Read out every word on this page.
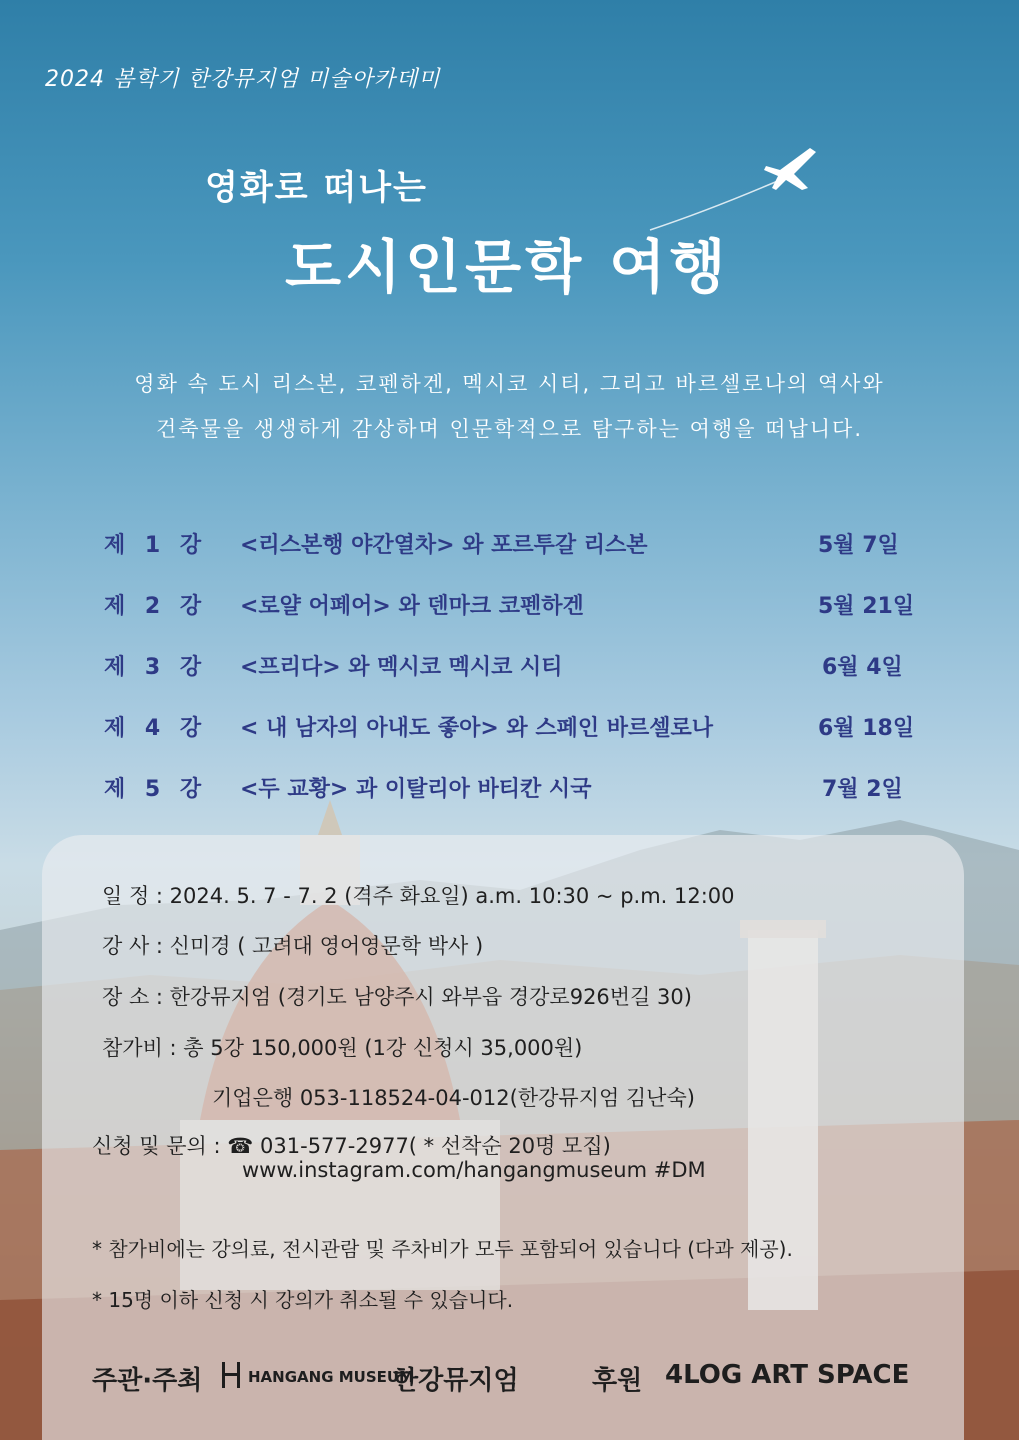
2024 봄학기 한강뮤지엄 미술아카데미
영화로 떠나는
도시인문학 여행
영화 속 도시 리스본, 코펜하겐, 멕시코 시티, 그리고 바르셀로나의 역사와
건축물을 생생하게 감상하며 인문학적으로 탐구하는 여행을 떠납니다.
제 1 강 <리스본행 야간열차> 와 포르투갈 리스본	5월 7일
제 2 강 <로얄 어페어> 와 덴마크 코펜하겐	5월 21일
제 3 강 <프리다> 와 멕시코 멕시코 시티	6월 4일
제 4 강 < 내 남자의 아내도 좋아> 와 스페인 바르셀로나	6월 18일
제 5 강 <두 교황> 과 이탈리아 바티칸 시국	7월 2일
일 정 : 2024. 5. 7 - 7. 2 (격주 화요일) a.m. 10:30 ~ p.m. 12:00
강 사 : 신미경 ( 고려대 영어영문학 박사 )
장 소 : 한강뮤지엄 (경기도 남양주시 와부읍 경강로926번길 30)
참가비 : 총 5강 150,000원 (1강 신청시 35,000원)
기업은행 053-118524-04-012(한강뮤지엄 김난숙)
신청 및 문의 : ☎ 031-577-2977( * 선착순 20명 모집)
www.instagram.com/hangangmuseum #DM
* 참가비에는 강의료, 전시관람 및 주차비가 모두 포함되어 있습니다 (다과 제공).
* 15명 이하 신청 시 강의가 취소될 수 있습니다.
주관·주최	HANGANG MUSEUM
한강뮤지엄	후원 4LOG ART SPACE
